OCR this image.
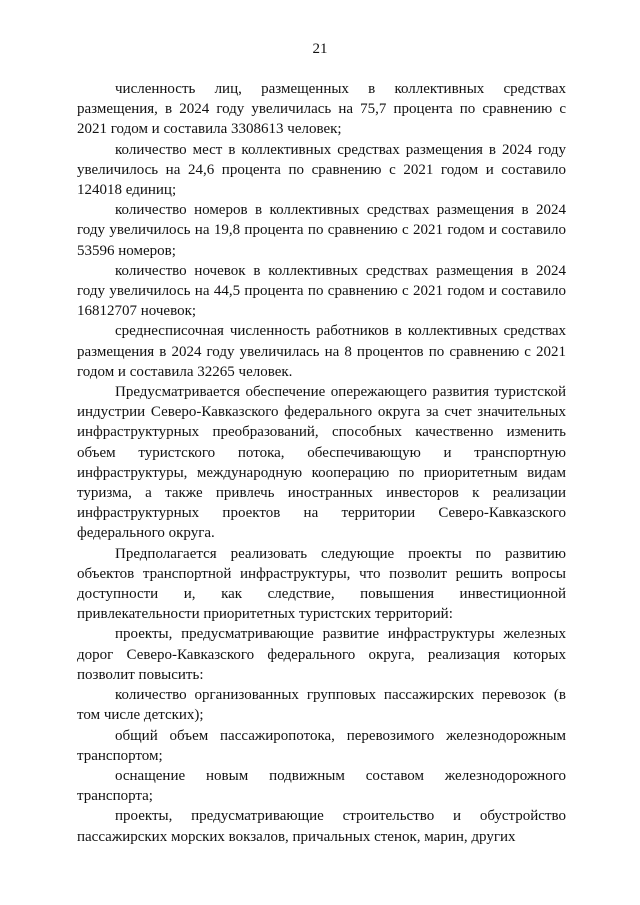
21

численность лиц, размещенных в коллективных средствах размещения, в 2024 году увеличилась на 75,7 процента по сравнению с 2021 годом и составила 3308613 человек;

количество мест в коллективных средствах размещения в 2024 году увеличилось на 24,6 процента по сравнению с 2021 годом и составило 124018 единиц;

количество номеров в коллективных средствах размещения в 2024 году увеличилось на 19,8 процента по сравнению с 2021 годом и составило 53596 номеров;

количество ночевок в коллективных средствах размещения в 2024 году увеличилось на 44,5 процента по сравнению с 2021 годом и составило 16812707 ночевок;

среднесписочная численность работников в коллективных средствах размещения в 2024 году увеличилась на 8 процентов по сравнению с 2021 годом и составила 32265 человек.

Предусматривается обеспечение опережающего развития туристской индустрии Северо-Кавказского федерального округа за счет значительных инфраструктурных преобразований, способных качественно изменить объем туристского потока, обеспечивающую и транспортную инфраструктуры, международную кооперацию по приоритетным видам туризма, а также привлечь иностранных инвесторов к реализации инфраструктурных проектов на территории Северо-Кавказского федерального округа.

Предполагается реализовать следующие проекты по развитию объектов транспортной инфраструктуры, что позволит решить вопросы доступности и, как следствие, повышения инвестиционной привлекательности приоритетных туристских территорий:

проекты, предусматривающие развитие инфраструктуры железных дорог Северо-Кавказского федерального округа, реализация которых позволит повысить:

количество организованных групповых пассажирских перевозок (в том числе детских);

общий объем пассажиропотока, перевозимого железнодорожным транспортом;

оснащение новым подвижным составом железнодорожного транспорта;

проекты, предусматривающие строительство и обустройство пассажирских морских вокзалов, причальных стенок, марин, других
